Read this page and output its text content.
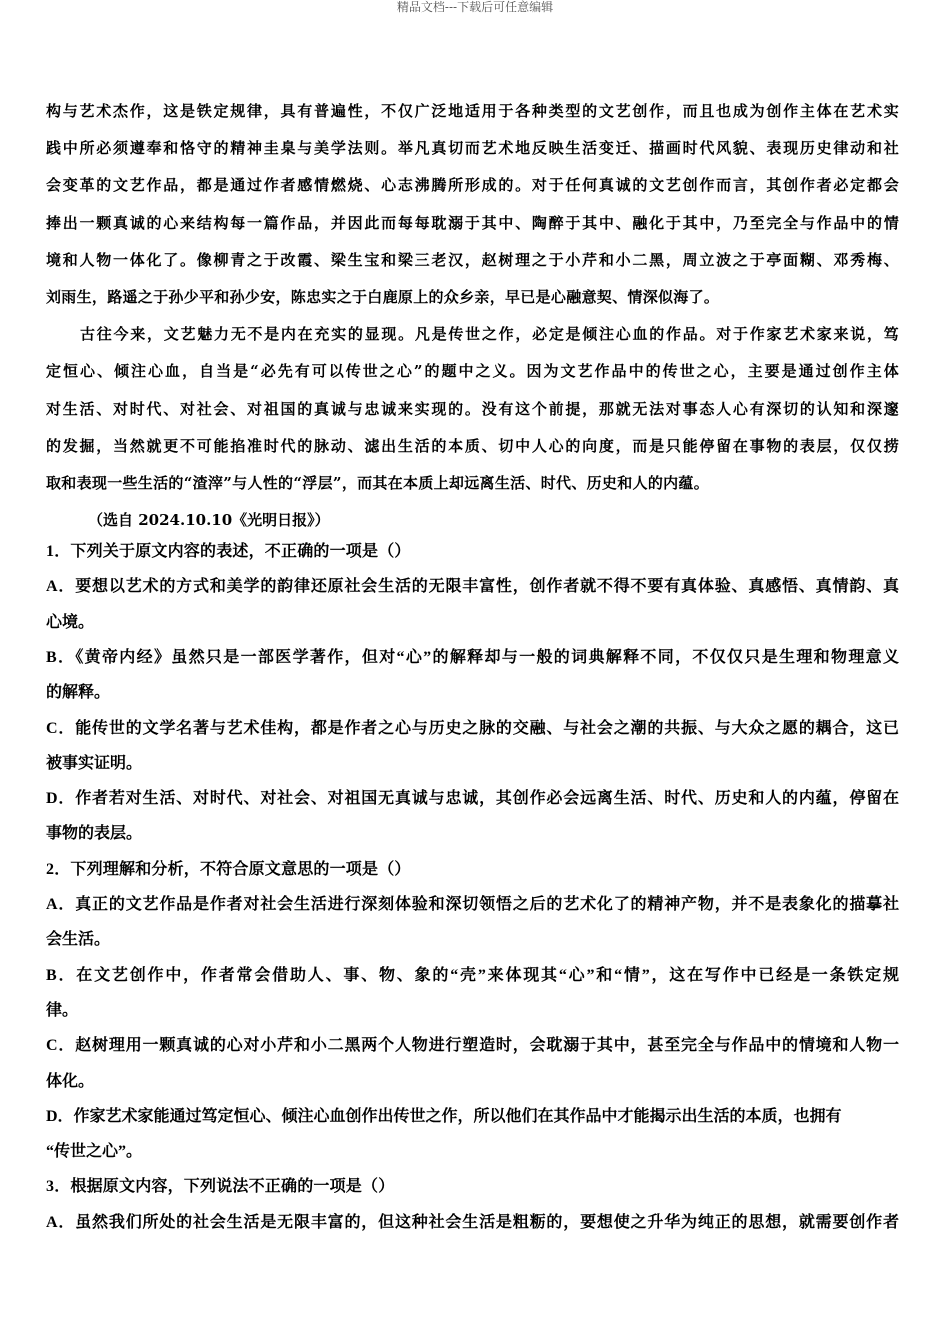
精品文档---下载后可任意编辑
构与艺术杰作，这是铁定规律，具有普遍性，不仅广泛地适用于各种类型的文艺创作，而且也成为创作主体在艺术实
践中所必须遵奉和恪守的精神圭臬与美学法则。举凡真切而艺术地反映生活变迁、描画时代风貌、表现历史律动和社
会变革的文艺作品，都是通过作者感情燃烧、心志沸腾所形成的。对于任何真诚的文艺创作而言，其创作者必定都会
捧出一颗真诚的心来结构每一篇作品，并因此而每每耽溺于其中、陶醉于其中、融化于其中，乃至完全与作品中的情
境和人物一体化了。像柳青之于改霞、梁生宝和梁三老汉，赵树理之于小芹和小二黑，周立波之于亭面糊、邓秀梅、
刘雨生，路遥之于孙少平和孙少安，陈忠实之于白鹿原上的众乡亲，早已是心融意契、情深似海了。
古往今来，文艺魅力无不是内在充实的显现。凡是传世之作，必定是倾注心血的作品。对于作家艺术家来说，笃
定恒心、倾注心血，自当是“必先有可以传世之心”的题中之义。因为文艺作品中的传世之心，主要是通过创作主体
对生活、对时代、对社会、对祖国的真诚与忠诚来实现的。没有这个前提，那就无法对事态人心有深切的认知和深邃
的发掘，当然就更不可能掐准时代的脉动、滤出生活的本质、切中人心的向度，而是只能停留在事物的表层，仅仅捞
取和表现一些生活的“渣滓”与人性的“浮层”，而其在本质上却远离生活、时代、历史和人的内蕴。
（选自 2024.10.10《光明日报》）
1．下列关于原文内容的表述，不正确的一项是（）
A．要想以艺术的方式和美学的韵律还原社会生活的无限丰富性，创作者就不得不要有真体验、真感悟、真情韵、真
心境。
B．《黄帝内经》虽然只是一部医学著作，但对“心”的解释却与一般的词典解释不同，不仅仅只是生理和物理意义
的解释。
C．能传世的文学名著与艺术佳构，都是作者之心与历史之脉的交融、与社会之潮的共振、与大众之愿的耦合，这已
被事实证明。
D．作者若对生活、对时代、对社会、对祖国无真诚与忠诚，其创作必会远离生活、时代、历史和人的内蕴，停留在
事物的表层。
2．下列理解和分析，不符合原文意思的一项是（）
A．真正的文艺作品是作者对社会生活进行深刻体验和深切领悟之后的艺术化了的精神产物，并不是表象化的描摹社
会生活。
B．在文艺创作中，作者常会借助人、事、物、象的“壳”来体现其“心”和“情”，这在写作中已经是一条铁定规
律。
C．赵树理用一颗真诚的心对小芹和小二黑两个人物进行塑造时，会耽溺于其中，甚至完全与作品中的情境和人物一
体化。
D．作家艺术家能通过笃定恒心、倾注心血创作出传世之作，所以他们在其作品中才能揭示出生活的本质，也拥有
“传世之心”。
3．根据原文内容，下列说法不正确的一项是（）
A．虽然我们所处的社会生活是无限丰富的，但这种社会生活是粗粝的，要想使之升华为纯正的思想，就需要创作者
